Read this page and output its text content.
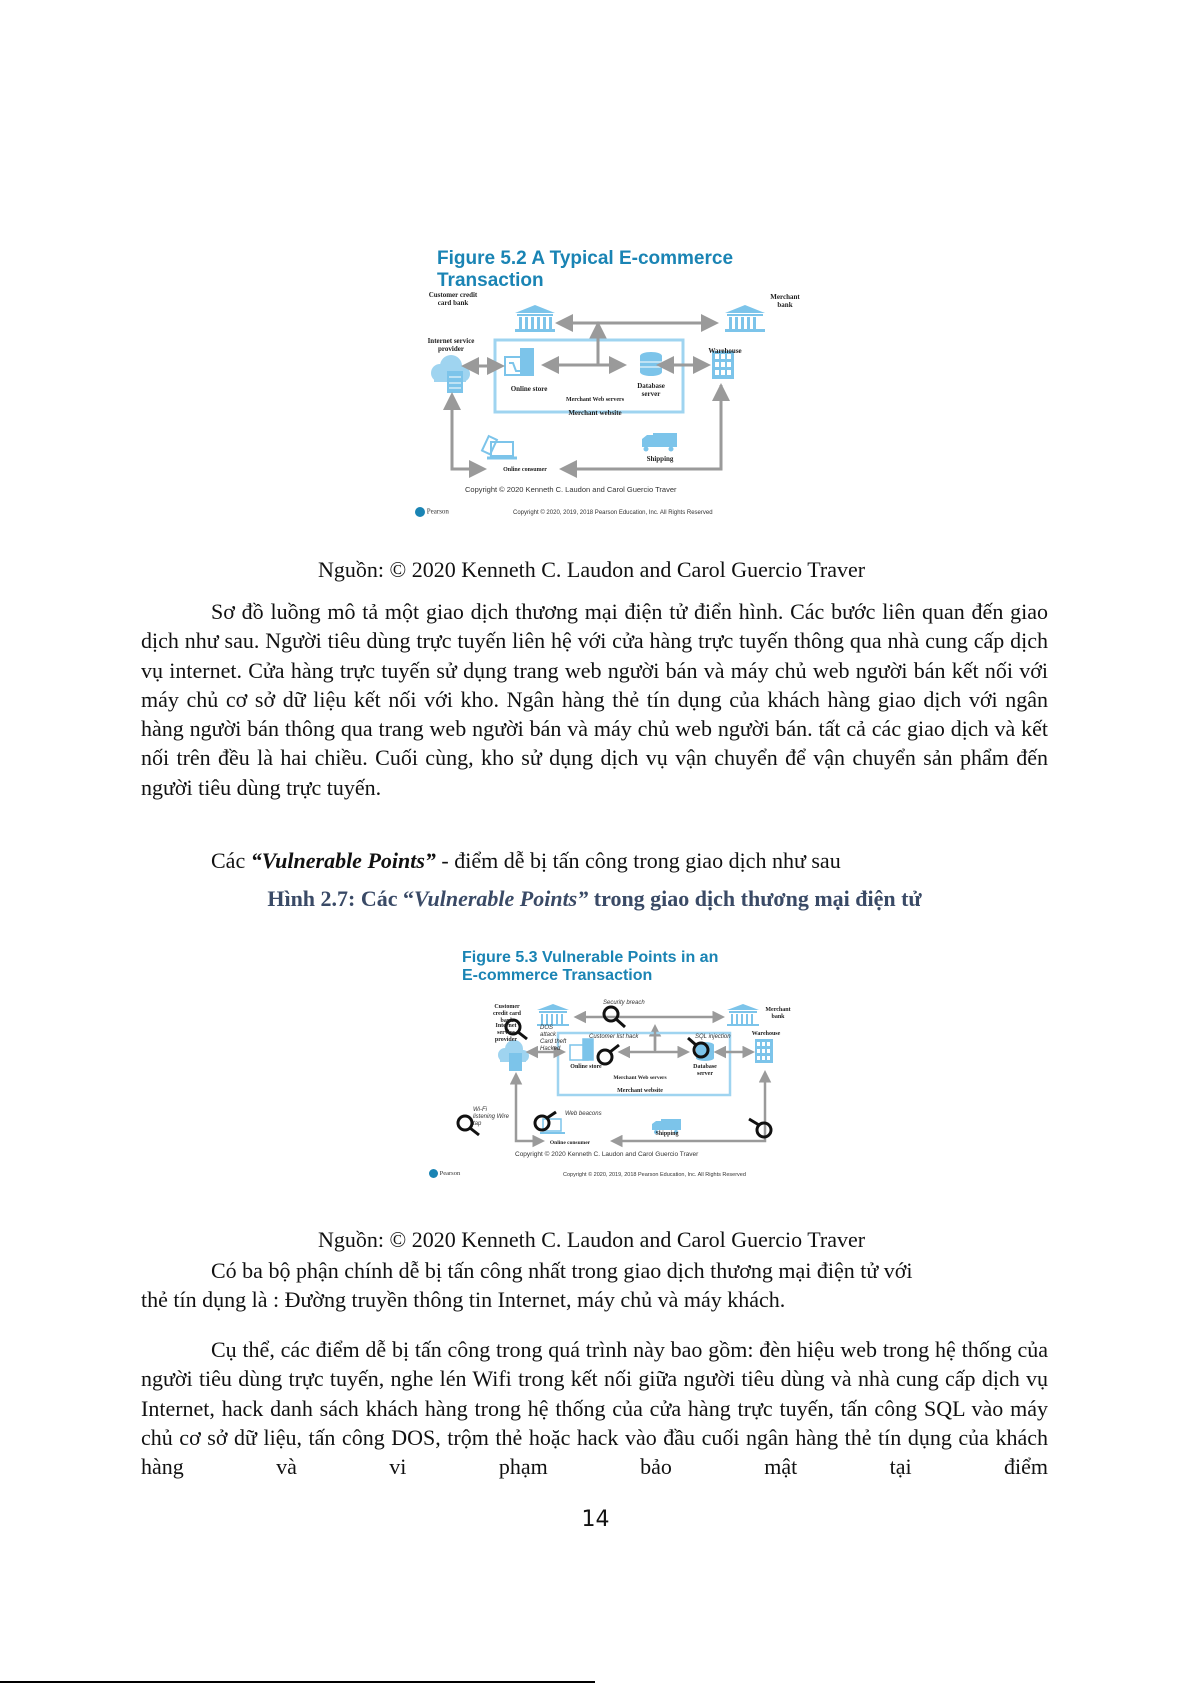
Figure 5.2 A Typical E-commerce
Transaction
Customer credit card bank
Merchant bank
Internet service provider	Warehouse
Online store	Database server
Merchant Web servers
Merchant website
Online consumer
Shipping
Copyright © 2020 Kenneth C. Laudon and Carol Guercio Traver
Pearson	Copyright © 2020, 2019, 2018 Pearson Education, Inc. All Rights Reserved
Nguồn: © 2020 Kenneth C. Laudon and Carol Guercio Traver
Sơ đồ luồng mô tả một giao dịch thương mại điện tử điển hình. Các bước liên quan đến giao dịch như sau. Người tiêu dùng trực tuyến liên hệ với cửa hàng trực tuyến thông qua nhà cung cấp dịch vụ internet. Cửa hàng trực tuyến sử dụng trang web người bán và máy chủ web người bán kết nối với máy chủ cơ sở dữ liệu kết nối với kho. Ngân hàng thẻ tín dụng của khách hàng giao dịch với ngân hàng người bán thông qua trang web người bán và máy chủ web người bán. tất cả các giao dịch và kết nối trên đều là hai chiều. Cuối cùng, kho sử dụng dịch vụ vận chuyển để vận chuyển sản phẩm đến người tiêu dùng trực tuyến.
Các “Vulnerable Points” - điểm dễ bị tấn công trong giao dịch như sau
Hình 2.7: Các “Vulnerable Points” trong giao dịch thương mại điện tử
Figure 5.3 Vulnerable Points in an
E-commerce Transaction
Customer credit card bank
Merchant bank
Internet service provider
Warehouse
Online store	Database server
Merchant Web servers
Merchant website
Online consumer
Shipping
Security breach
DOS attack Card theft Hacked
Customer list hack	SQL injection
Wi-Fi listening Wire tap
Web beacons
Copyright © 2020 Kenneth C. Laudon and Carol Guercio Traver
Pearson	Copyright © 2020, 2019, 2018 Pearson Education, Inc. All Rights Reserved
Nguồn: © 2020 Kenneth C. Laudon and Carol Guercio Traver
Có ba bộ phận chính dễ bị tấn công nhất trong giao dịch thương mại điện tử với
thẻ tín dụng là : Đường truyền thông tin Internet, máy chủ và máy khách.
Cụ thể, các điểm dễ bị tấn công trong quá trình này bao gồm: đèn hiệu web trong hệ thống của người tiêu dùng trực tuyến, nghe lén Wifi trong kết nối giữa người tiêu dùng và nhà cung cấp dịch vụ Internet, hack danh sách khách hàng trong hệ thống của cửa hàng trực tuyến, tấn công SQL vào máy chủ cơ sở dữ liệu, tấn công DOS, trộm thẻ hoặc hack vào đầu cuối ngân hàng thẻ tín dụng của khách hàng và vi phạm bảo mật tại điểm
14
